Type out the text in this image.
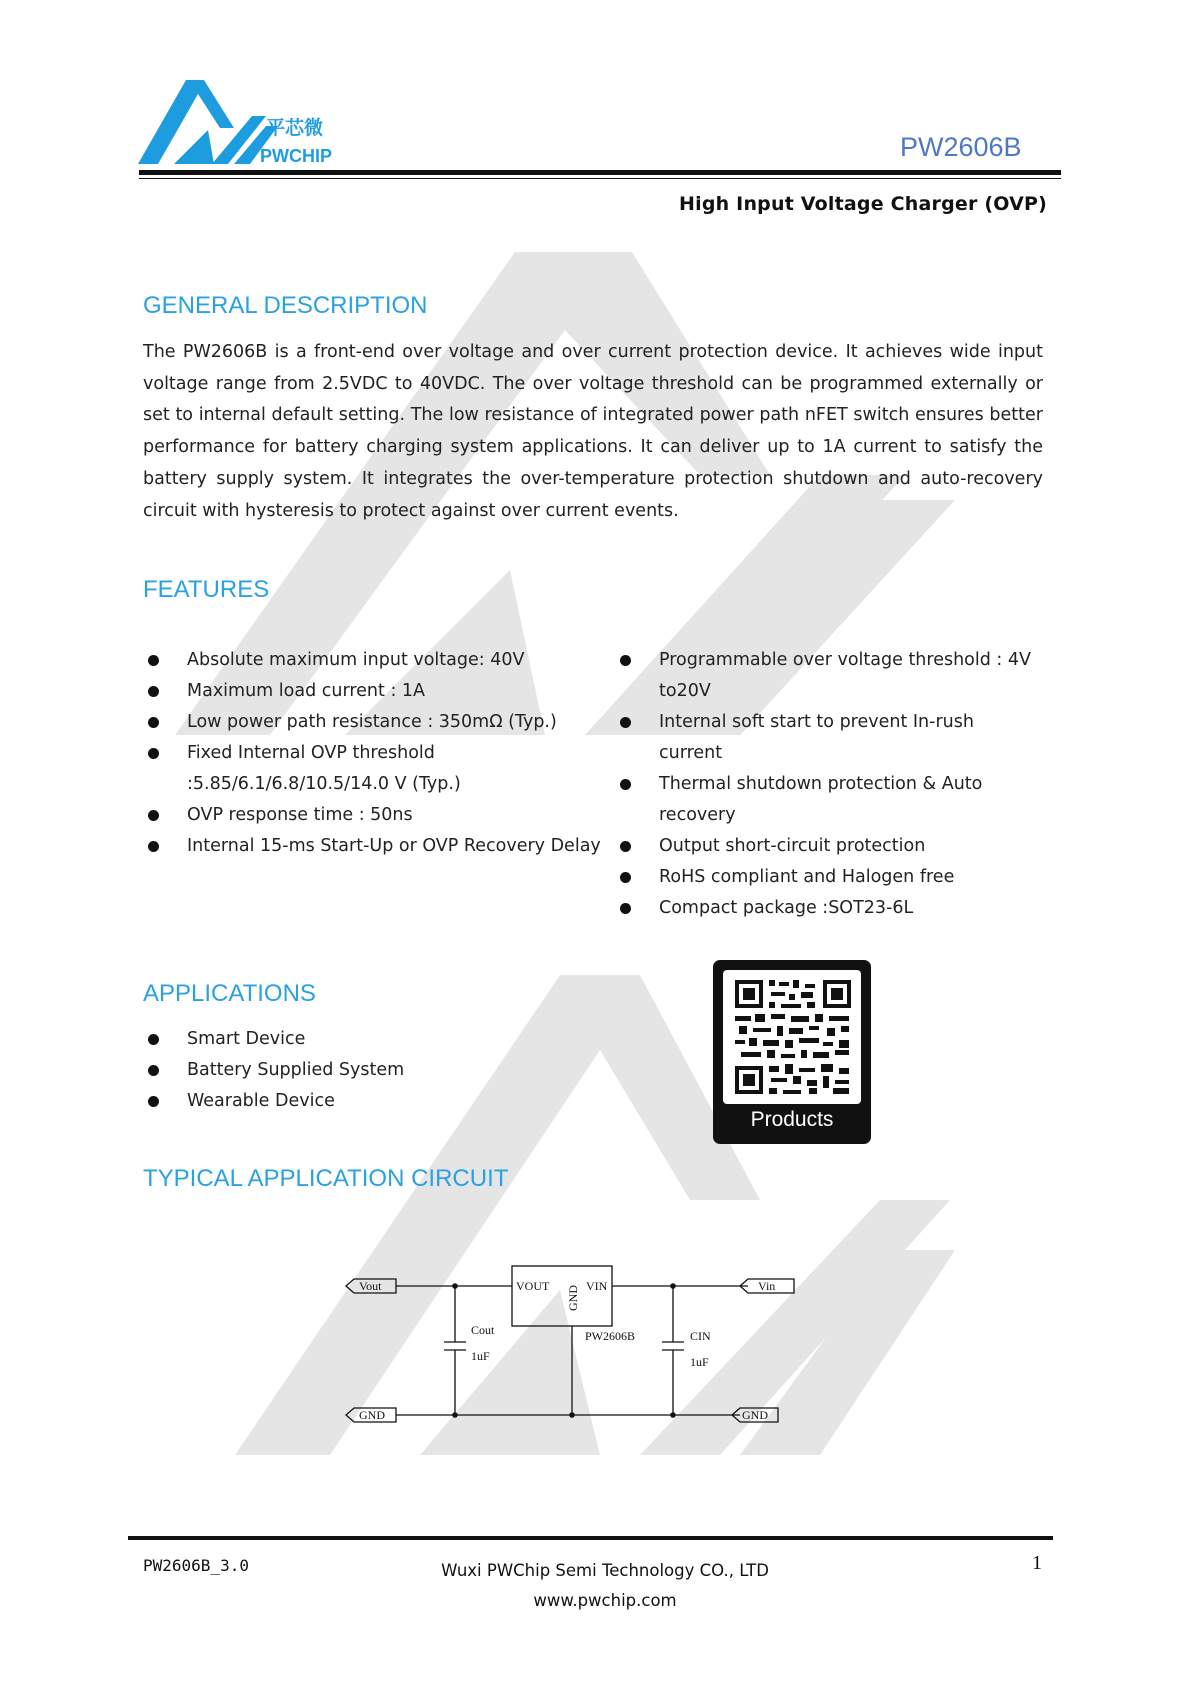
平芯微
PWCHIP	PW2606B
High Input Voltage Charger (OVP)
GENERAL DESCRIPTION
The PW2606B is a front-end over voltage and over current protection device. It achieves wide input voltage range from 2.5VDC to 40VDC. The over voltage threshold can be programmed externally or set to internal default setting. The low resistance of integrated power path nFET switch ensures better performance for battery charging system applications. It can deliver up to 1A current to satisfy the battery supply system. It integrates the over-temperature protection shutdown and auto-recovery circuit with hysteresis to protect against over current events.
FEATURES
Absolute maximum input voltage: 40V
Maximum load current : 1A
Low power path resistance : 350mΩ (Typ.)
Fixed Internal OVP threshold :5.85/6.1/6.8/10.5/14.0 V (Typ.)
OVP response time : 50ns
Internal 15-ms Start-Up or OVP Recovery Delay
Programmable over voltage threshold : 4V to20V
Internal soft start to prevent In-rush current
Thermal shutdown protection & Auto recovery
Output short-circuit protection
RoHS compliant and Halogen free
Compact package :SOT23-6L
APPLICATIONS
Smart Device
Battery Supplied System
Wearable Device
Products
TYPICAL APPLICATION CIRCUIT
Vout
GND
Vin
GND
VOUT	VIN
GND
PW2606B
Cout
1uF
CIN
1uF
PW2606B_3.0	Wuxi PWChip Semi Technology CO., LTD
www.pwchip.com
1
